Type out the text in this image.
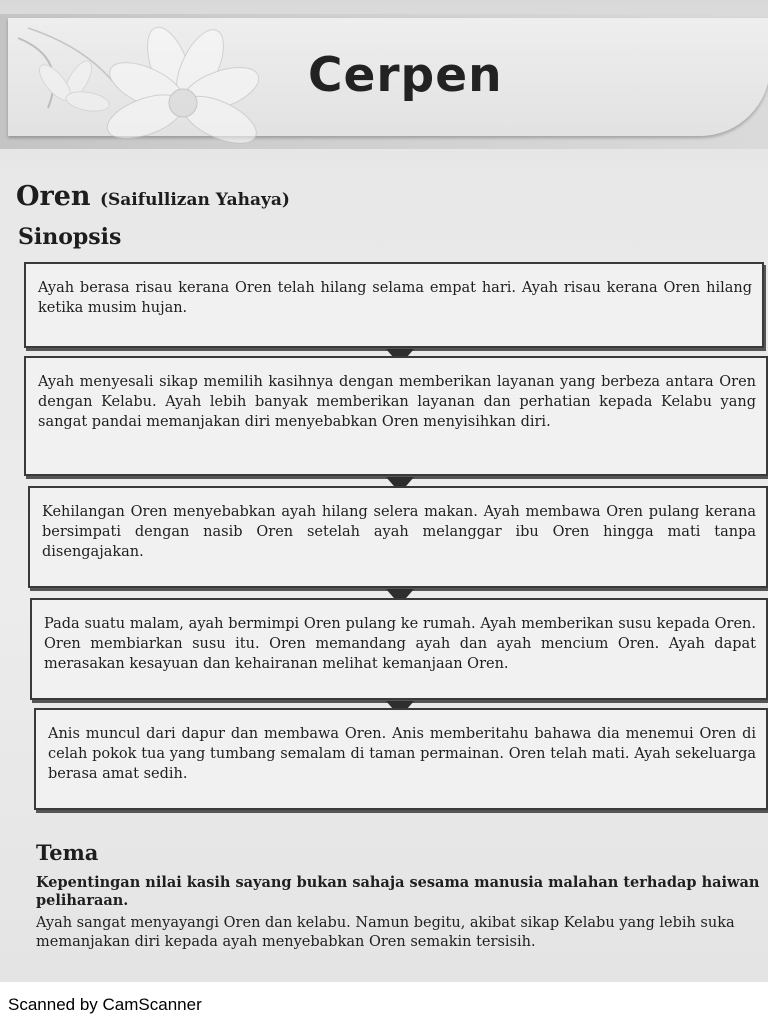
Cerpen
Oren (Saifullizan Yahaya)
Sinopsis
Ayah berasa risau kerana Oren telah hilang selama empat hari. Ayah risau kerana Oren hilang ketika musim hujan.
Ayah menyesali sikap memilih kasihnya dengan memberikan layanan yang berbeza antara Oren dengan Kelabu. Ayah lebih banyak memberikan layanan dan perhatian kepada Kelabu yang sangat pandai memanjakan diri menyebabkan Oren menyisihkan diri.
Kehilangan Oren menyebabkan ayah hilang selera makan. Ayah membawa Oren pulang kerana bersimpati dengan nasib Oren setelah ayah melanggar ibu Oren hingga mati tanpa disengajakan.
Pada suatu malam, ayah bermimpi Oren pulang ke rumah. Ayah memberikan susu kepada Oren. Oren membiarkan susu itu. Oren memandang ayah dan ayah mencium Oren. Ayah dapat merasakan kesayuan dan kehairanan melihat kemanjaan Oren.
Anis muncul dari dapur dan membawa Oren. Anis memberitahu bahawa dia menemui Oren di celah pokok tua yang tumbang semalam di taman permainan. Oren telah mati. Ayah sekeluarga berasa amat sedih.
Tema
Kepentingan nilai kasih sayang bukan sahaja sesama manusia malahan terhadap haiwan peliharaan.
Ayah sangat menyayangi Oren dan kelabu. Namun begitu, akibat sikap Kelabu yang lebih suka memanjakan diri kepada ayah menyebabkan Oren semakin tersisih.
Scanned by CamScanner
